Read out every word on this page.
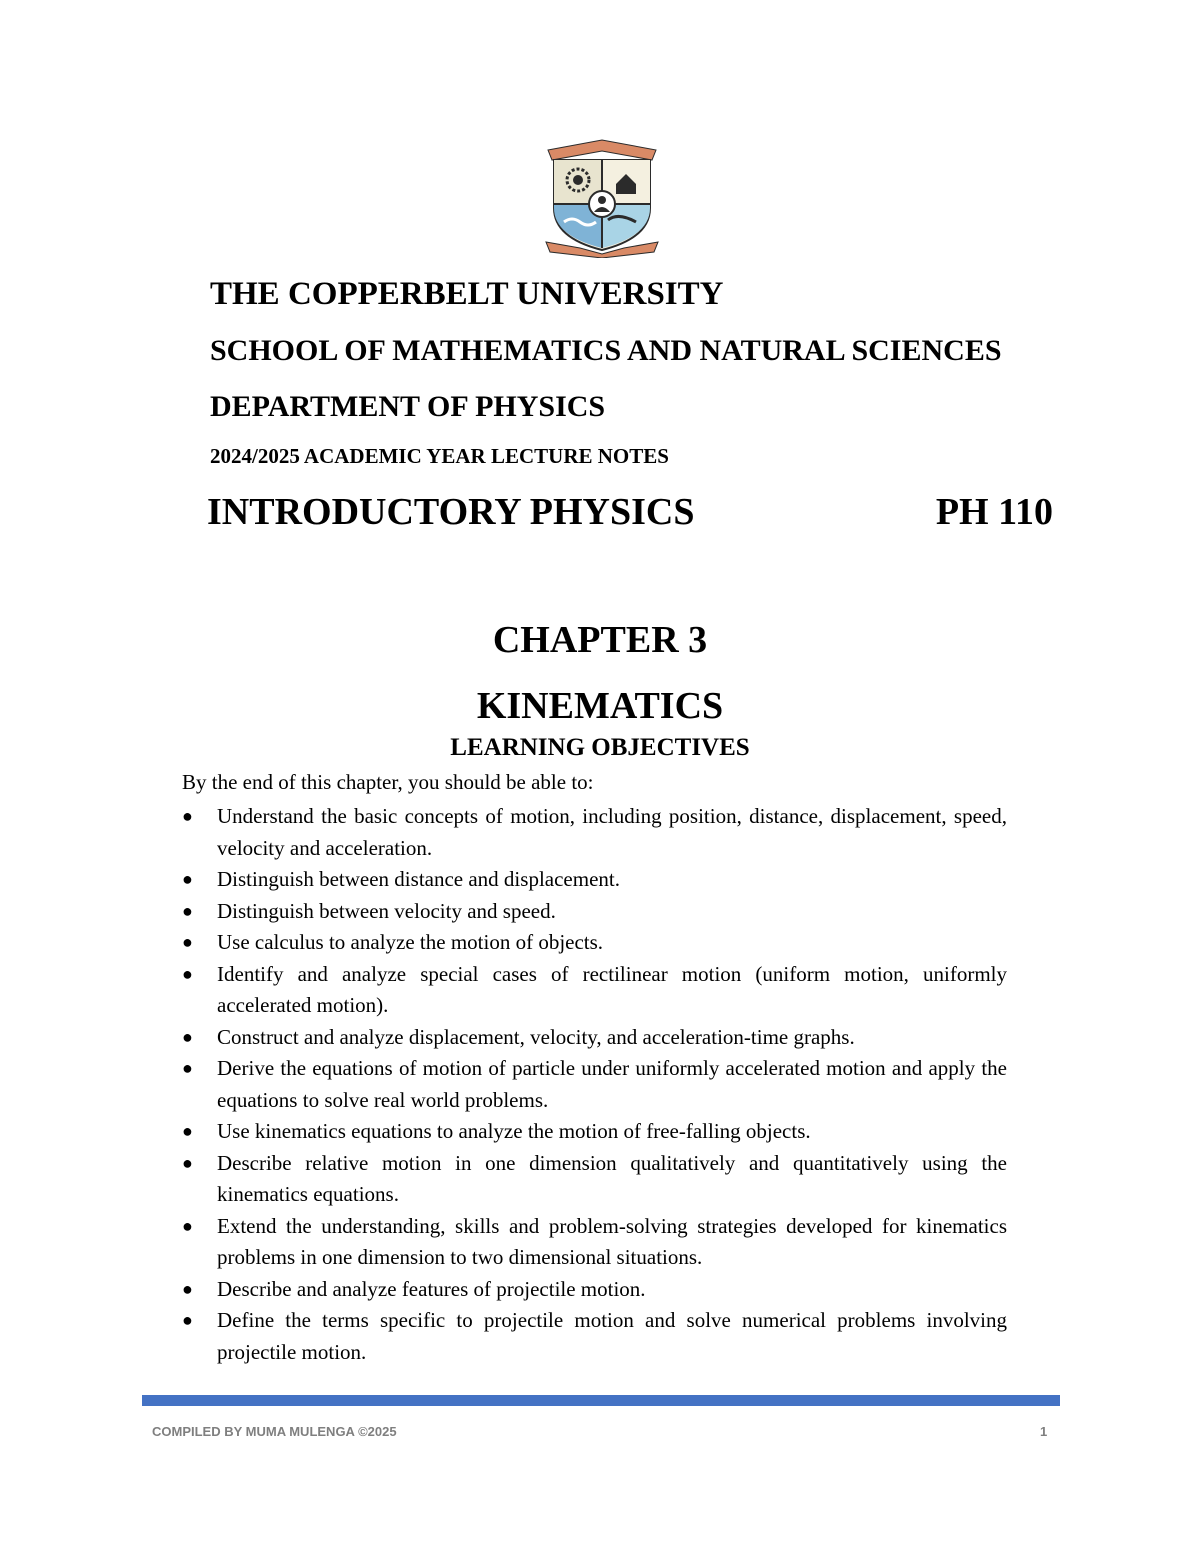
THE COPPERBELT UNIVERSITY
SCHOOL OF MATHEMATICS AND NATURAL SCIENCES
DEPARTMENT OF PHYSICS
2024/2025 ACADEMIC YEAR LECTURE NOTES
INTRODUCTORY PHYSICS	PH 110
CHAPTER 3
KINEMATICS
LEARNING OBJECTIVES
By the end of this chapter, you should be able to:
●	Understand the basic concepts of motion, including position, distance, displacement, speed, velocity and acceleration.
●	Distinguish between distance and displacement.
●	Distinguish between velocity and speed.
●	Use calculus to analyze the motion of objects.
●	Identify and analyze special cases of rectilinear motion (uniform motion, uniformly accelerated motion).
●	Construct and analyze displacement, velocity, and acceleration-time graphs.
●	Derive the equations of motion of particle under uniformly accelerated motion and apply the equations to solve real world problems.
●	Use kinematics equations to analyze the motion of free-falling objects.
●	Describe relative motion in one dimension qualitatively and quantitatively using the kinematics equations.
●	Extend the understanding, skills and problem-solving strategies developed for kinematics problems in one dimension to two dimensional situations.
●	Describe and analyze features of projectile motion.
●	Define the terms specific to projectile motion and solve numerical problems involving projectile motion.
COMPILED BY MUMA MULENGA ©2025	1
